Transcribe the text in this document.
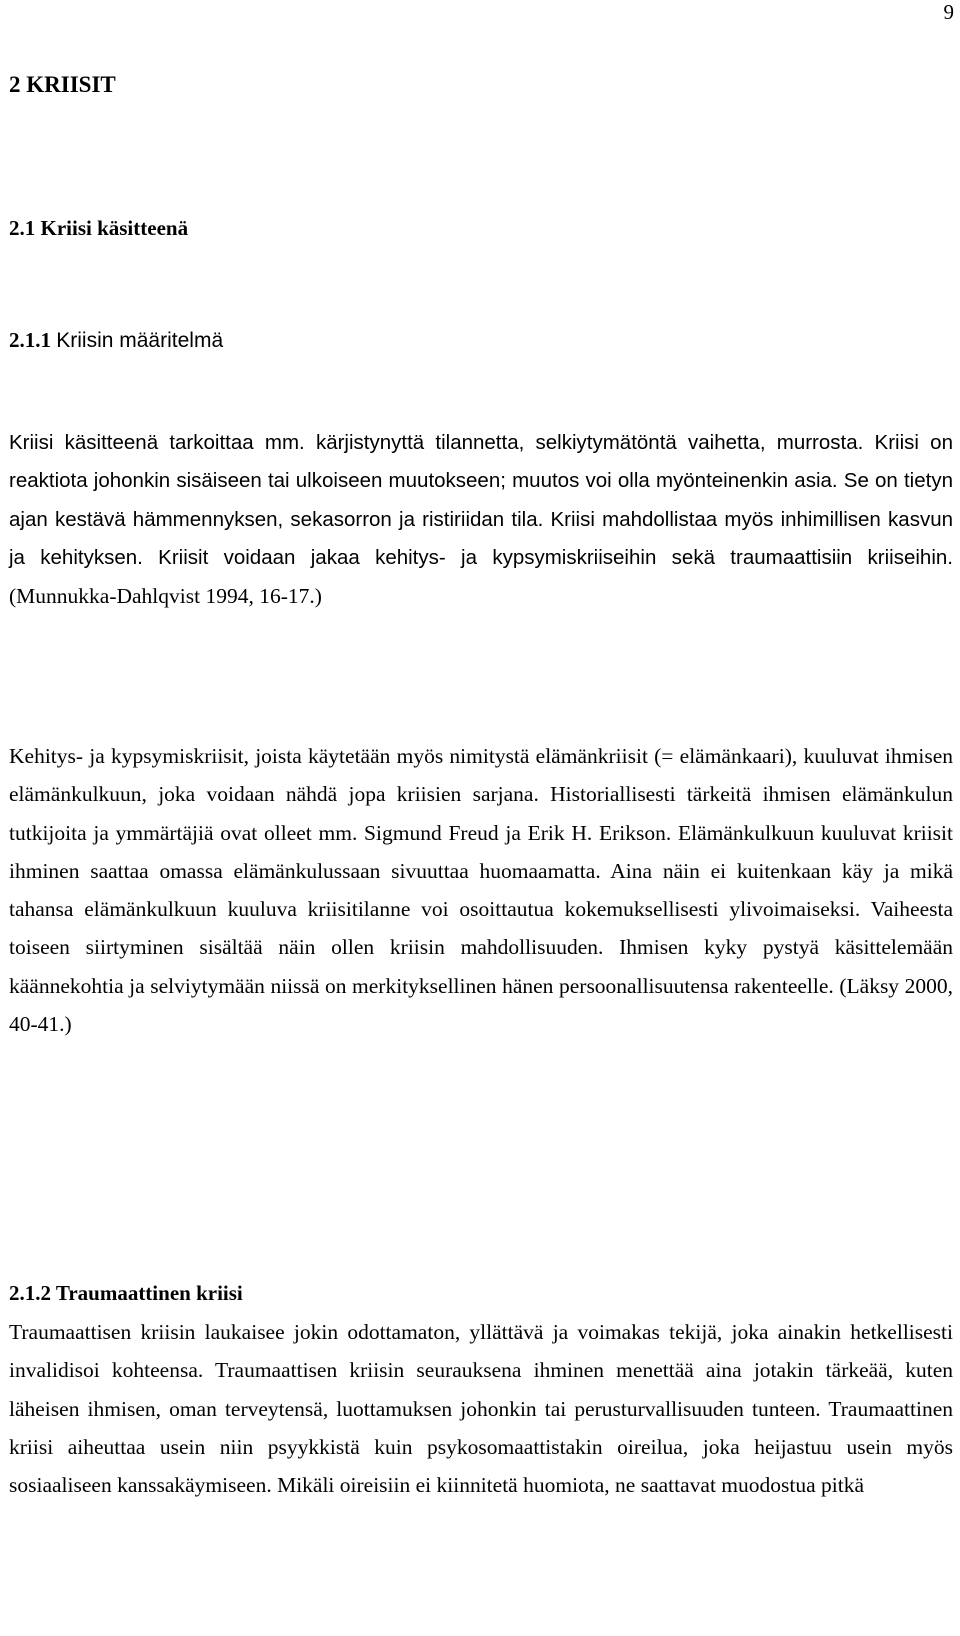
9
2 KRIISIT
2.1 Kriisi käsitteenä
2.1.1 Kriisin määritelmä

Kriisi käsitteenä tarkoittaa mm. kärjistynyttä tilannetta, selkiytymätöntä vaihetta, murrosta. Kriisi on reaktiota johonkin sisäiseen tai ulkoiseen muutokseen; muutos voi olla myönteinenkin asia. Se on tietyn ajan kestävä hämmennyksen, sekasorron ja ristiriidan tila. Kriisi mahdollistaa myös inhimillisen kasvun ja kehityksen. Kriisit voidaan jakaa kehitys- ja kypsymiskriiseihin sekä traumaattisiin kriiseihin. (Munnukka-Dahlqvist 1994, 16-17.)

Kehitys- ja kypsymiskriisit, joista käytetään myös nimitystä elämänkriisit (= elämänkaari), kuuluvat ihmisen elämänkulkuun, joka voidaan nähdä jopa kriisien sarjana. Historiallisesti tärkeitä ihmisen elämänkulun tutkijoita ja ymmärtäjiä ovat olleet mm. Sigmund Freud ja Erik H. Erikson. Elämänkulkuun kuuluvat kriisit ihminen saattaa omassa elämänkulussaan sivuuttaa huomaamatta. Aina näin ei kuitenkaan käy ja mikä tahansa elämänkulkuun kuuluva kriisitilanne voi osoittautua kokemuksellisesti ylivoimaiseksi. Vaiheesta toiseen siirtyminen sisältää näin ollen kriisin mahdollisuuden. Ihmisen kyky pystyä käsittelemään käännekohtia ja selviytymään niissä on merkityksellinen hänen persoonallisuutensa rakenteelle. (Läksy 2000, 40-41.)

2.1.2 Traumaattinen kriisi

Traumaattisen kriisin laukaisee jokin odottamaton, yllättävä ja voimakas tekijä, joka ainakin hetkellisesti invalidisoi kohteensa. Traumaattisen kriisin seurauksena ihminen menettää aina jotakin tärkeää, kuten läheisen ihmisen, oman terveytensä, luottamuksen johonkin tai perusturvallisuuden tunteen. Traumaattinen kriisi aiheuttaa usein niin psyykkistä kuin psykosomaattistakin oireilua, joka heijastuu usein myös sosiaaliseen kanssakäymiseen. Mikäli oireisiin ei kiinnitetä huomiota, ne saattavat muodostua pitkä
